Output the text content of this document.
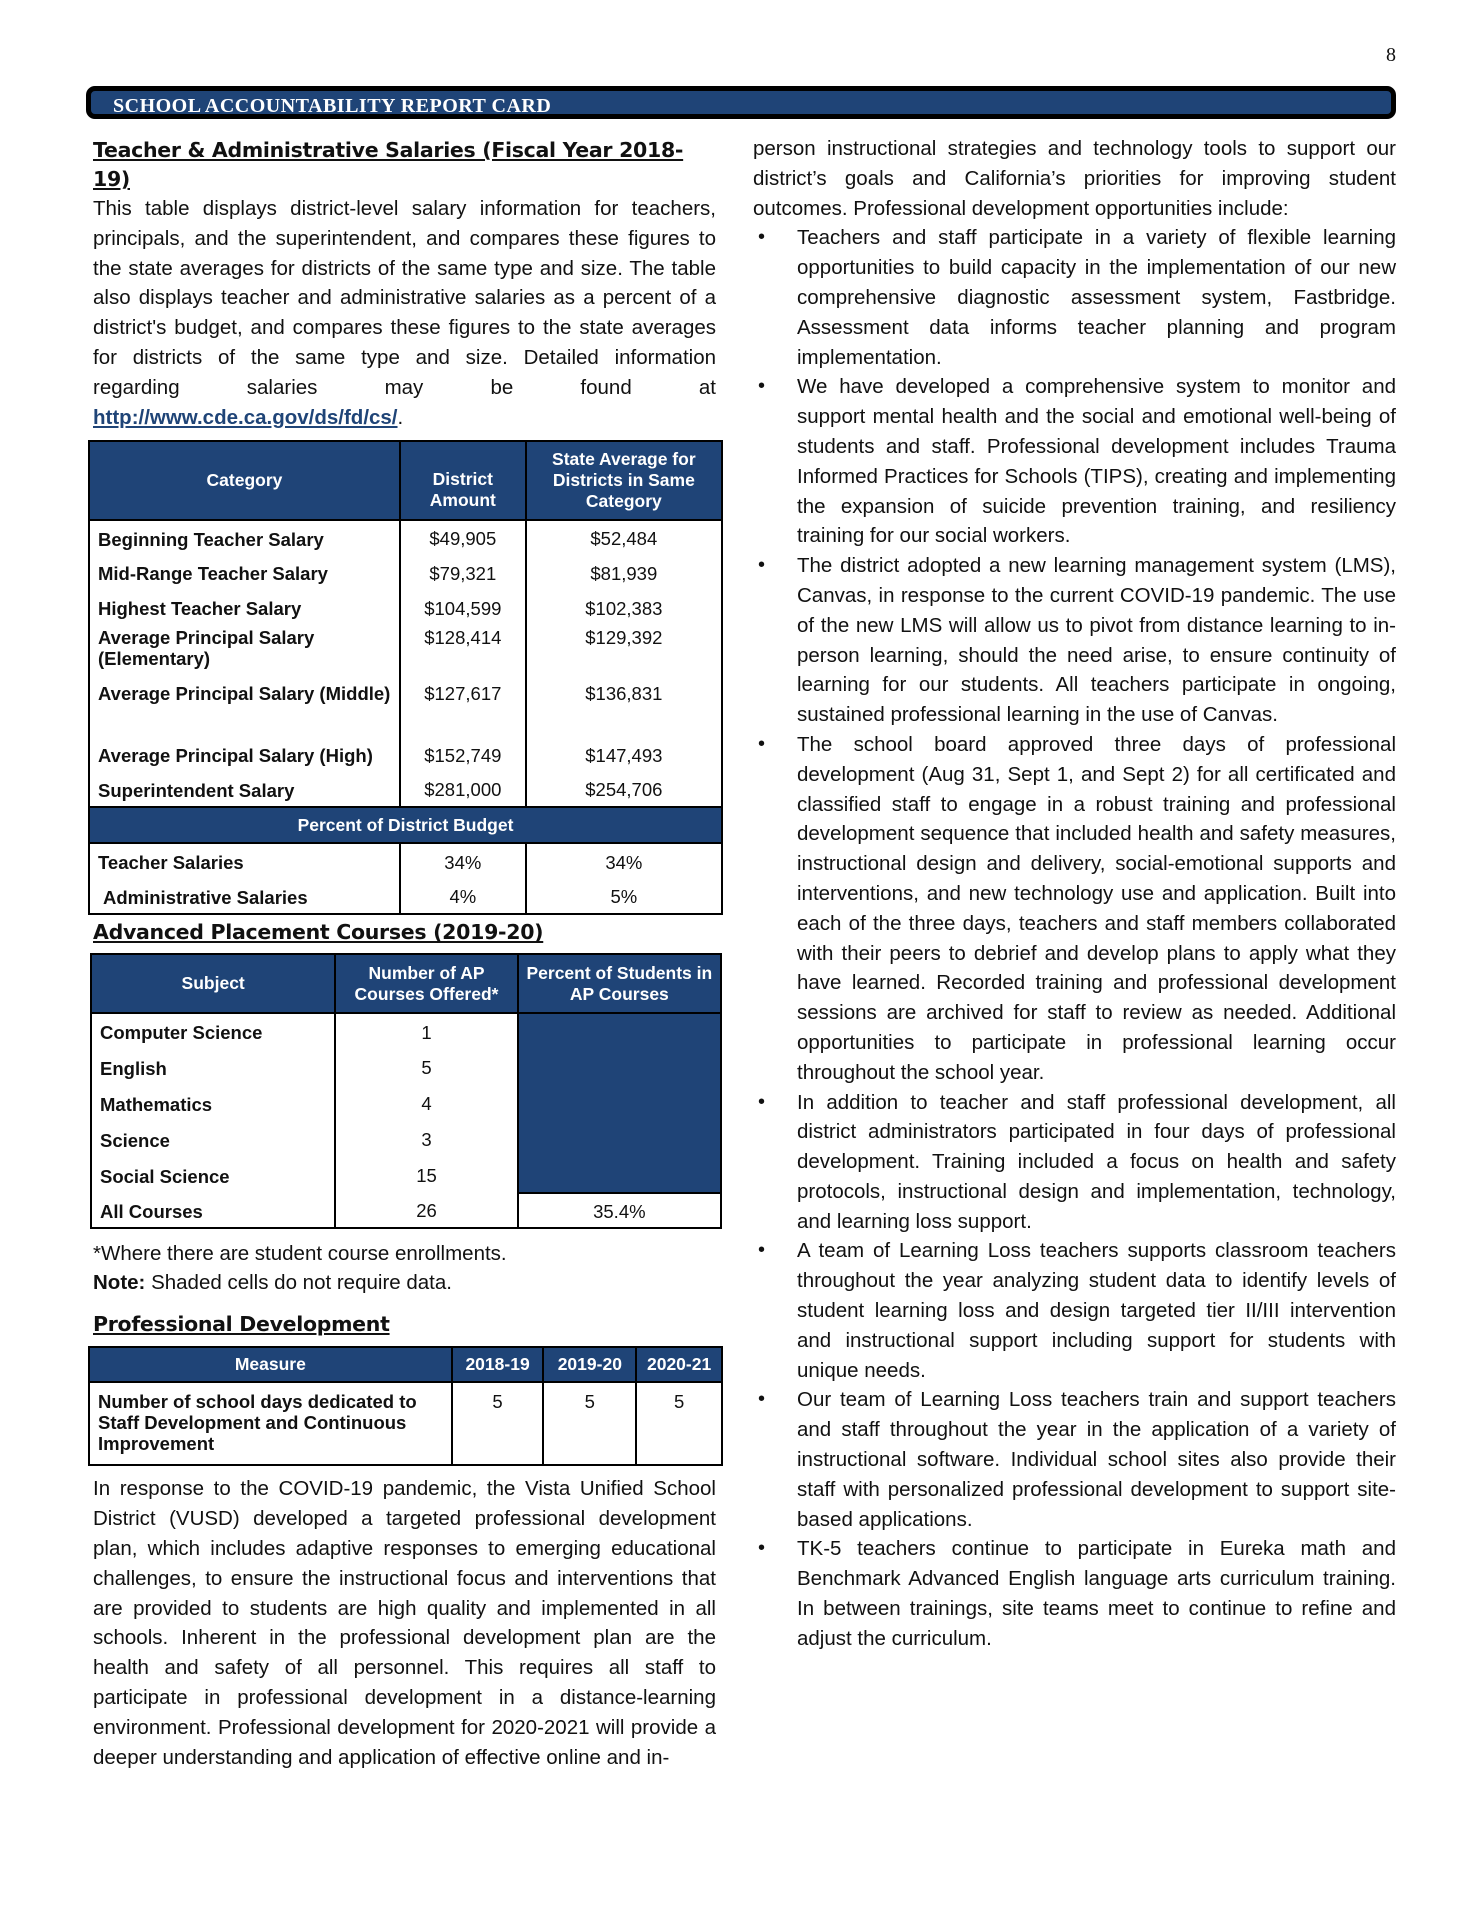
8
SCHOOL ACCOUNTABILITY REPORT CARD
Teacher & Administrative Salaries (Fiscal Year 2018-19)

This table displays district-level salary information for teachers, principals, and the superintendent, and compares these figures to the state averages for districts of the same type and size. The table also displays teacher and administrative salaries as a percent of a district's budget, and compares these figures to the state averages for districts of the same type and size. Detailed information regarding salaries may be found at http://www.cde.ca.gov/ds/fd/cs/.

Category	District Amount	State Average for Districts in Same Category
Beginning Teacher Salary	$49,905	$52,484
Mid-Range Teacher Salary	$79,321	$81,939
Highest Teacher Salary	$104,599	$102,383
Average Principal Salary (Elementary)	$128,414	$129,392
Average Principal Salary (Middle)	$127,617	$136,831
Average Principal Salary (High)	$152,749	$147,493
Superintendent Salary	$281,000	$254,706
Percent of District Budget		
Teacher Salaries	34%	34%
Administrative Salaries	4%	5%
Advanced Placement Courses (2019-20)
Subject	Number of AP Courses Offered*	Percent of Students in AP Courses
Computer Science	1	
English	5	
Mathematics	4	
Science	3	
Social Science	15	
All Courses	26	35.4%

*Where there are student course enrollments.

Note: Shaded cells do not require data.

Professional Development
Measure	2018-19	2019-20	2020-21
Number of school days dedicated to Staff Development and Continuous Improvement	5	5	5

In response to the COVID-19 pandemic, the Vista Unified School District (VUSD) developed a targeted professional development plan, which includes adaptive responses to emerging educational challenges, to ensure the instructional focus and interventions that are provided to students are high quality and implemented in all schools. Inherent in the professional development plan are the health and safety of all personnel. This requires all staff to participate in professional development in a distance-learning environment. Professional development for 2020-2021 will provide a deeper understanding and application of effective online and in-

person instructional strategies and technology tools to support our district’s goals and California’s priorities for improving student outcomes. Professional development opportunities include:

• Teachers and staff participate in a variety of flexible learning opportunities to build capacity in the implementation of our new comprehensive diagnostic assessment system, Fastbridge. Assessment data informs teacher planning and program implementation.
• We have developed a comprehensive system to monitor and support mental health and the social and emotional well-being of students and staff. Professional development includes Trauma Informed Practices for Schools (TIPS), creating and implementing the expansion of suicide prevention training, and resiliency training for our social workers.
• The district adopted a new learning management system (LMS), Canvas, in response to the current COVID-19 pandemic. The use of the new LMS will allow us to pivot from distance learning to in-person learning, should the need arise, to ensure continuity of learning for our students. All teachers participate in ongoing, sustained professional learning in the use of Canvas.
• The school board approved three days of professional development (Aug 31, Sept 1, and Sept 2) for all certificated and classified staff to engage in a robust training and professional development sequence that included health and safety measures, instructional design and delivery, social-emotional supports and interventions, and new technology use and application. Built into each of the three days, teachers and staff members collaborated with their peers to debrief and develop plans to apply what they have learned. Recorded training and professional development sessions are archived for staff to review as needed. Additional opportunities to participate in professional learning occur throughout the school year.
• In addition to teacher and staff professional development, all district administrators participated in four days of professional development. Training included a focus on health and safety protocols, instructional design and implementation, technology, and learning loss support.
• A team of Learning Loss teachers supports classroom teachers throughout the year analyzing student data to identify levels of student learning loss and design targeted tier II/III intervention and instructional support including support for students with unique needs.
• Our team of Learning Loss teachers train and support teachers and staff throughout the year in the application of a variety of instructional software. Individual school sites also provide their staff with personalized professional development to support site-based applications.
• TK-5 teachers continue to participate in Eureka math and Benchmark Advanced English language arts curriculum training. In between trainings, site teams meet to continue to refine and adjust the curriculum.
